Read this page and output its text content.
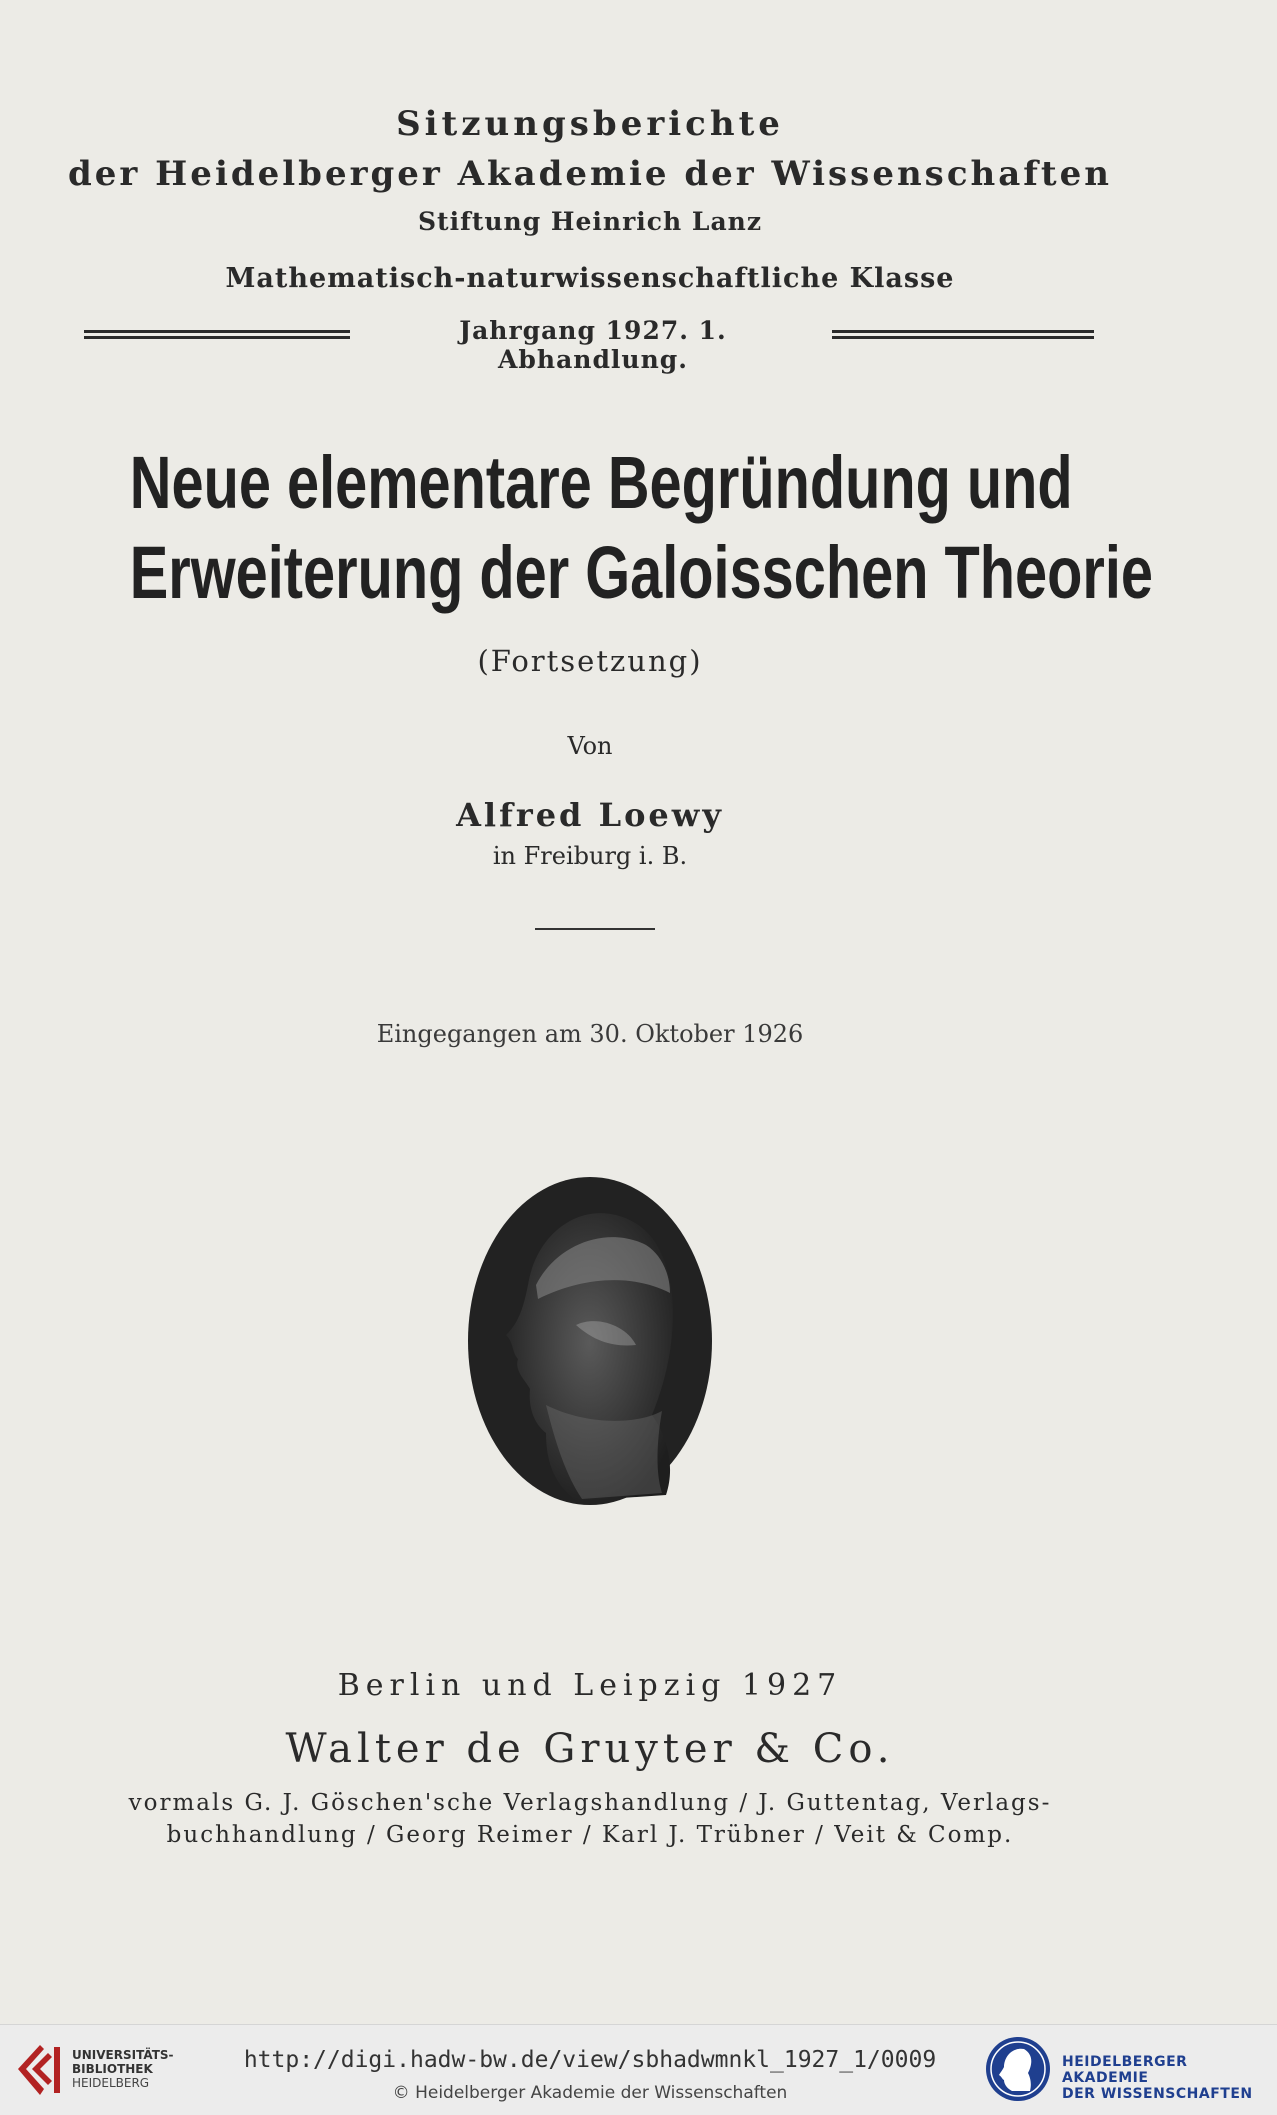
Sitzungsberichte
der Heidelberger Akademie der Wissenschaften
Stiftung Heinrich Lanz
Mathematisch-naturwissenschaftliche Klasse
Jahrgang 1927. 1. Abhandlung.
Neue elementare Begründung und
Erweiterung der Galoisschen Theorie
(Fortsetzung)
Von
Alfred Loewy
in Freiburg i. B.
Eingegangen am 30. Oktober 1926
Berlin und Leipzig 1927
Walter de Gruyter & Co.
vormals G. J. Göschen'sche Verlagshandlung / J. Guttentag, Verlags-
buchhandlung / Georg Reimer / Karl J. Trübner / Veit & Comp.
UNIVERSITÄTS-
BIBLIOTHEK
HEIDELBERG
http://digi.hadw-bw.de/view/sbhadwmnkl_1927_1/0009
© Heidelberger Akademie der Wissenschaften
HEIDELBERGER AKADEMIE
DER WISSENSCHAFTEN
